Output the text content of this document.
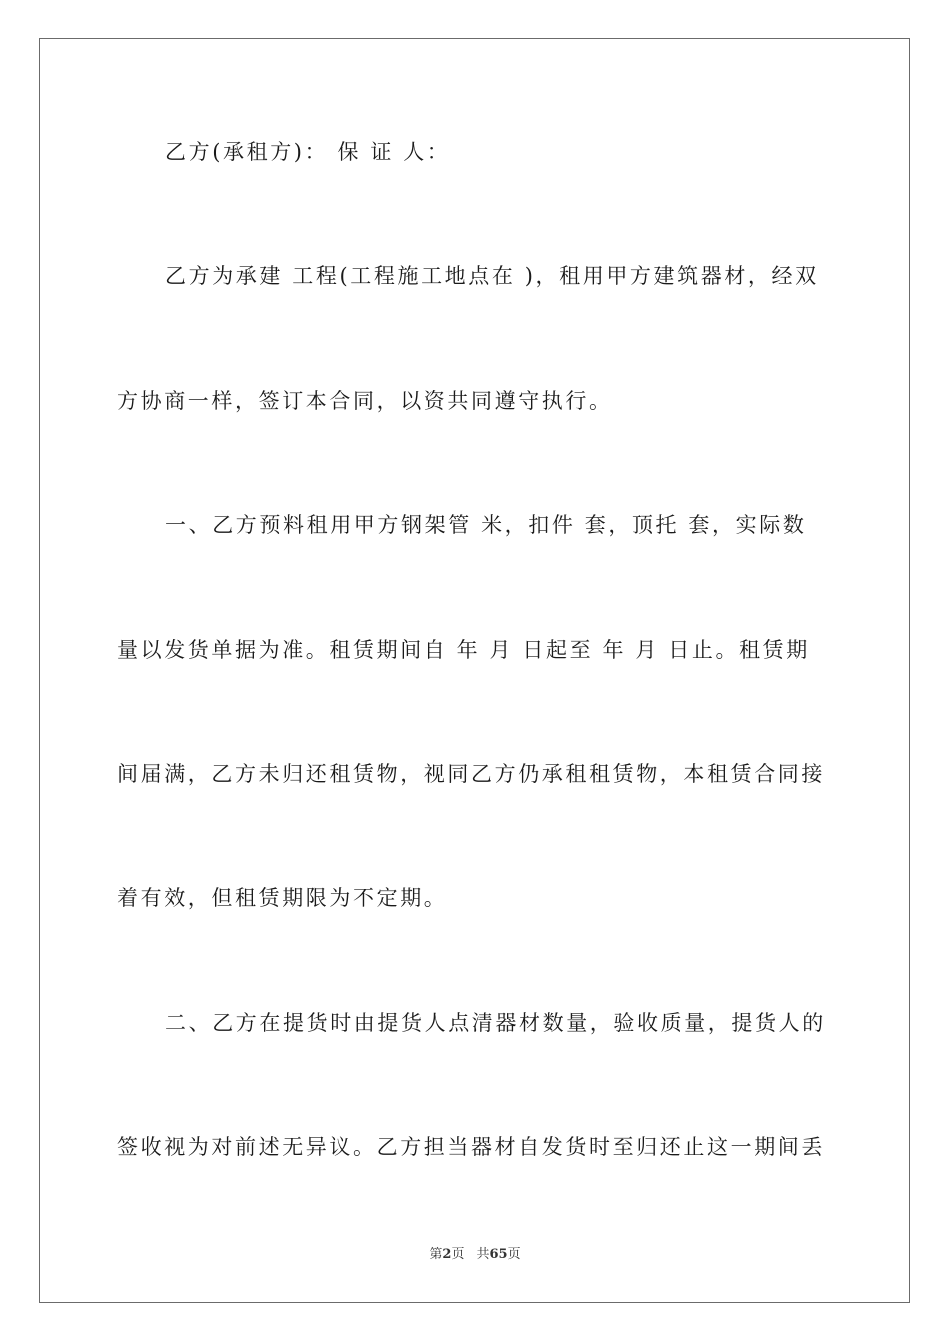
乙方(承租方)： 保 证 人：
乙方为承建 工程(工程施工地点在 )，租用甲方建筑器材，经双
方协商一样，签订本合同，以资共同遵守执行。
一、乙方预料租用甲方钢架管 米，扣件 套，顶托 套，实际数
量以发货单据为准。租赁期间自 年 月 日起至 年 月 日止。租赁期
间届满，乙方未归还租赁物，视同乙方仍承租租赁物，本租赁合同接
着有效，但租赁期限为不定期。
二、乙方在提货时由提货人点清器材数量，验收质量，提货人的
签收视为对前述无异议。乙方担当器材自发货时至归还止这一期间丢
第2页 共65页
